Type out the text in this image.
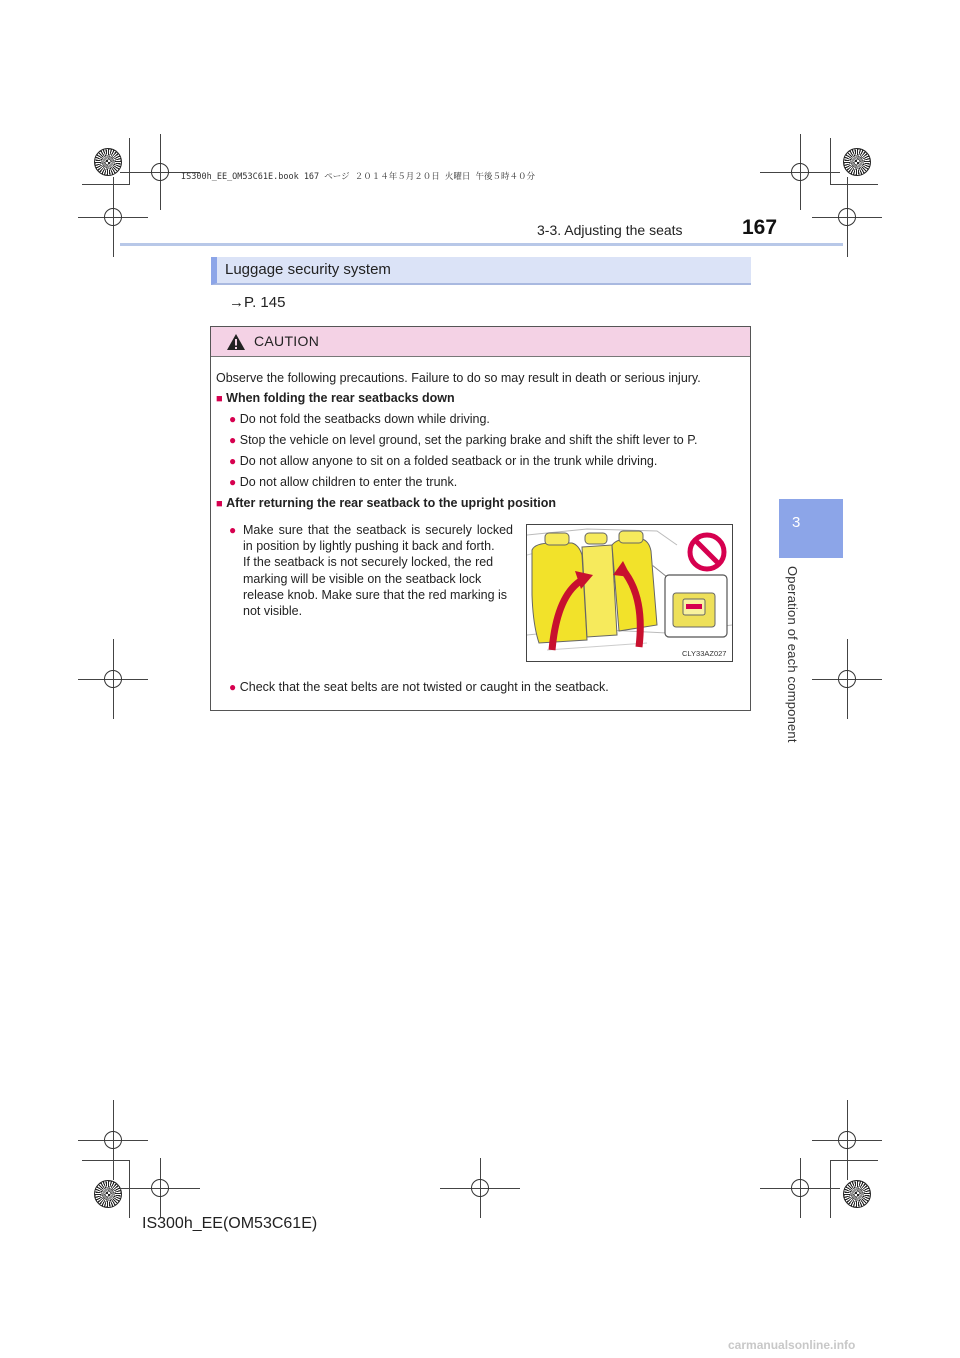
IS300h_EE_OM53C61E.book 167 ページ ２０１４年５月２０日 火曜日 午後５時４０分
3-3. Adjusting the seats	167
3
Operation of each component
Luggage security system
→P. 145
CAUTION
Observe the following precautions. Failure to do so may result in death or serious injury.
■ When folding the rear seatbacks down
● Do not fold the seatbacks down while driving.
● Stop the vehicle on level ground, set the parking brake and shift the shift lever to P.
● Do not allow anyone to sit on a folded seatback or in the trunk while driving.
● Do not allow children to enter the trunk.
■ After returning the rear seatback to the upright position
● Make sure that the seatback is securely locked in position by lightly pushing it back and forth.

If the seatback is not securely locked, the red marking will be visible on the seatback lock release knob. Make sure that the red marking is not visible.

CLY33AZ027
● Check that the seat belts are not twisted or caught in the seatback.
IS300h_EE(OM53C61E)
carmanualsonline.info
